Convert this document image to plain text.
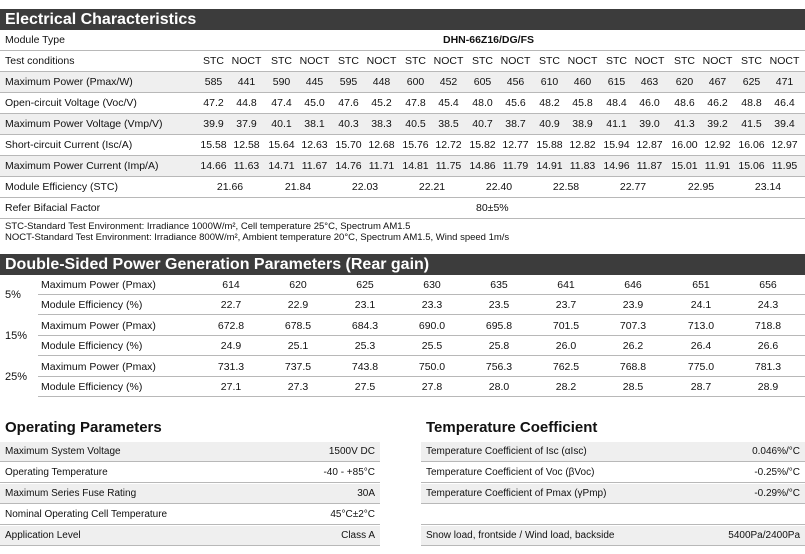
Electrical Characteristics
Module Type	DHN-66Z16/DG/FS
Test conditions	STC NOCT STC NOCT STC NOCT STC NOCT STC NOCT STC NOCT STC NOCT STC NOCT STC NOCT
Maximum Power (Pmax/W)	585	441	590	445	595	448	600	452	605	456	610	460	615	463	620	467	625	471
Open-circuit Voltage (Voc/V)	47.2	44.8	47.4	45.0	47.6	45.2	47.8	45.4	48.0	45.6	48.2	45.8	48.4	46.0	48.6	46.2	48.8	46.4
Maximum Power Voltage (Vmp/V)	39.9	37.9	40.1	38.1	40.3	38.3	40.5	38.5	40.7	38.7	40.9	38.9	41.1	39.0	41.3	39.2	41.5	39.4
Short-circuit Current (Isc/A)	15.58 12.58 15.64 12.63 15.70 12.68 15.76 12.72 15.82 12.77 15.88 12.82 15.94 12.87 16.00 12.92 16.06 12.97
Maximum Power Current (Imp/A)	14.66 11.63 14.71 11.67 14.76 11.71 14.81 11.75 14.86 11.79 14.91 11.83 14.96 11.87 15.01 11.91 15.06 11.95
Module Efficiency (STC)	21.66	21.84	22.03	22.21	22.40	22.58	22.77	22.95	23.14
Refer Bifacial Factor	80±5%
STC-Standard Test Environment: Irradiance 1000W/m², Cell temperature 25°C, Spectrum AM1.5
NOCT-Standard Test Environment: Irradiance 800W/m², Ambient temperature 20°C, Spectrum AM1.5, Wind speed 1m/s
Double-Sided Power Generation Parameters (Rear gain)
5%
Maximum Power (Pmax)	614	620	625	630	635	641	646	651	656
Module Efficiency (%)	22.7	22.9	23.1	23.3	23.5	23.7	23.9	24.1	24.3
15%
Maximum Power (Pmax)	672.8	678.5	684.3	690.0	695.8	701.5	707.3	713.0	718.8
Module Efficiency (%)	24.9	25.1	25.3	25.5	25.8	26.0	26.2	26.4	26.6
25%
Maximum Power (Pmax)	731.3	737.5	743.8	750.0	756.3	762.5	768.8	775.0	781.3
Module Efficiency (%)	27.1	27.3	27.5	27.8	28.0	28.2	28.5	28.7	28.9
Operating Parameters
Maximum System Voltage	1500V DC
Operating Temperature	-40 - +85°C
Maximum Series Fuse Rating	30A
Nominal Operating Cell Temperature	45°C±2°C
Application Level	Class A
Temperature Coefficient
Temperature Coefficient of Isc (αIsc)	0.046%/°C
Temperature Coefficient of Voc (βVoc)	-0.25%/°C
Temperature Coefficient of Pmax (γPmp)	-0.29%/°C
Snow load, frontside / Wind load, backside	5400Pa/2400Pa
